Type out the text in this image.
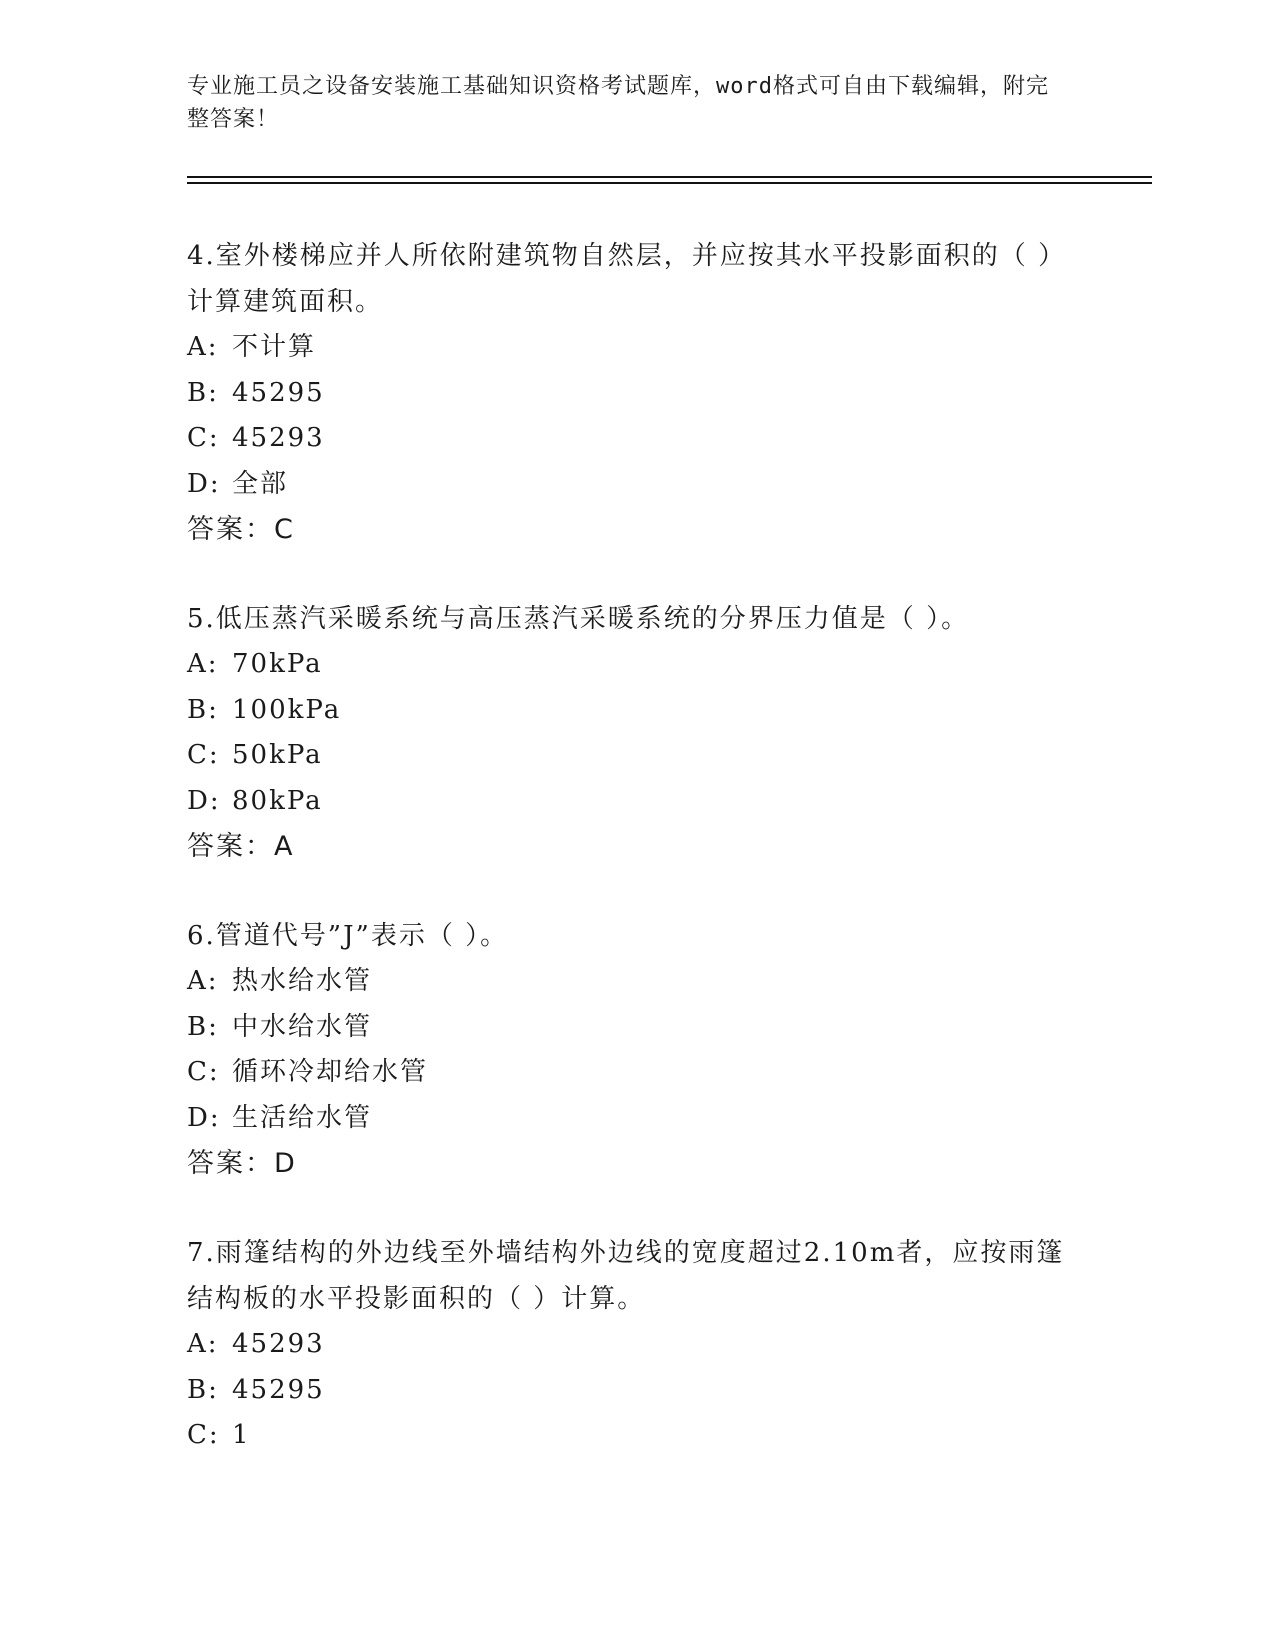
专业施工员之设备安装施工基础知识资格考试题库，word格式可自由下载编辑，附完整答案！
4.室外楼梯应并人所依附建筑物自然层，并应按其水平投影面积的（ ）计算建筑面积。
A: 不计算
B: 45295
C: 45293
D: 全部
答案：C
5.低压蒸汽采暖系统与高压蒸汽采暖系统的分界压力值是（ ）。
A: 70kPa
B: 100kPa
C: 50kPa
D: 80kPa
答案：A
6.管道代号”J”表示（ ）。
A: 热水给水管
B: 中水给水管
C: 循环冷却给水管
D: 生活给水管
答案：D
7.雨篷结构的外边线至外墙结构外边线的宽度超过2.10m者，应按雨篷结构板的水平投影面积的（ ）计算。
A: 45293
B: 45295
C: 1
